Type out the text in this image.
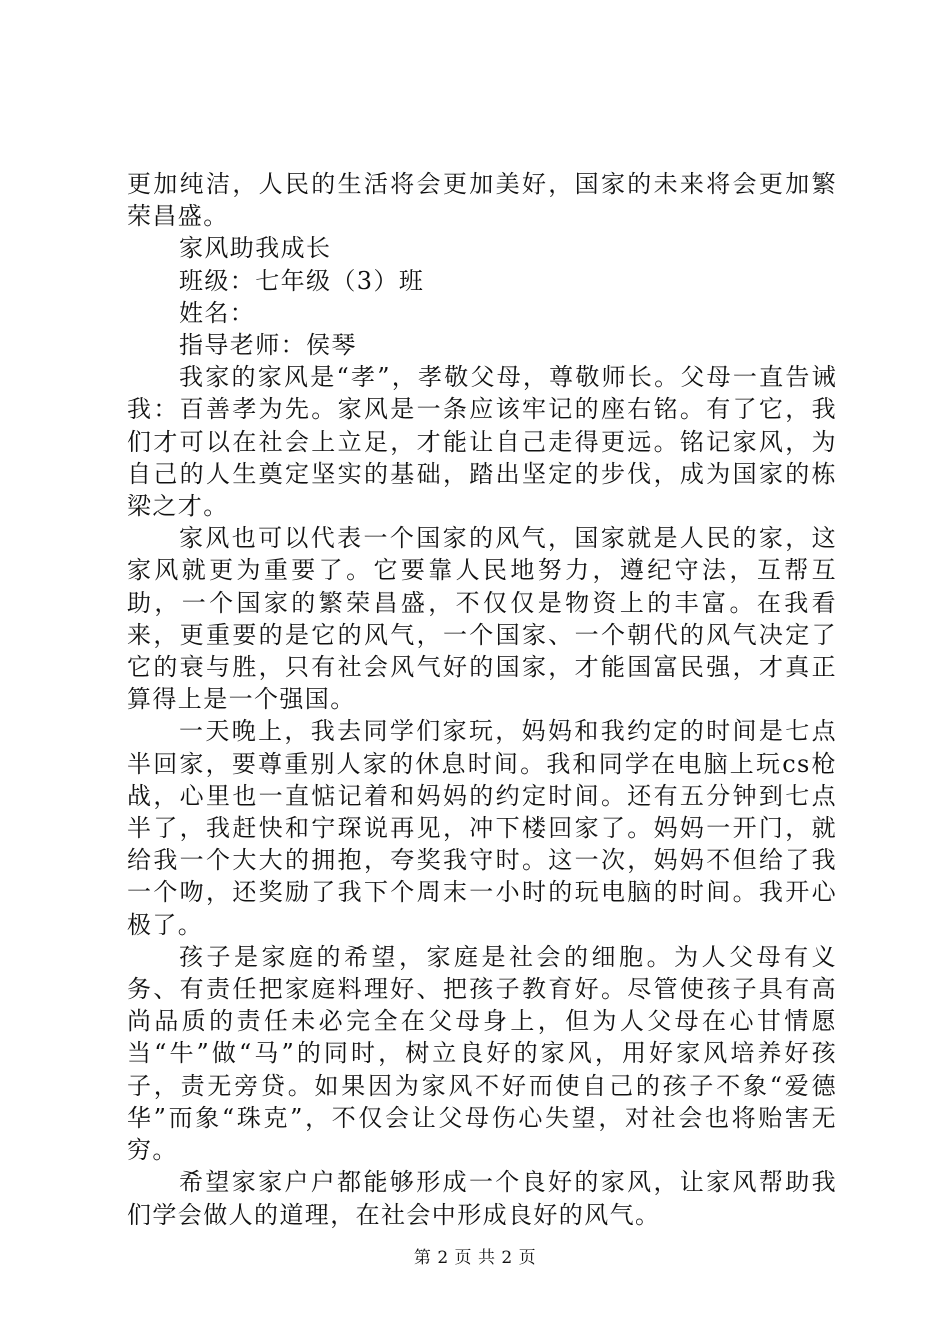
更加纯洁，人民的生活将会更加美好，国家的未来将会更加繁荣昌盛。

家风助我成长

班级：七年级（3）班

姓名：

指导老师：侯琴

我家的家风是“孝”，孝敬父母，尊敬师长。父母一直告诫我：百善孝为先。家风是一条应该牢记的座右铭。有了它，我们才可以在社会上立足，才能让自己走得更远。铭记家风，为自己的人生奠定坚实的基础，踏出坚定的步伐，成为国家的栋梁之才。

家风也可以代表一个国家的风气，国家就是人民的家，这家风就更为重要了。它要靠人民地努力，遵纪守法，互帮互助，一个国家的繁荣昌盛，不仅仅是物资上的丰富。在我看来，更重要的是它的风气，一个国家、一个朝代的风气决定了它的衰与胜，只有社会风气好的国家，才能国富民强，才真正算得上是一个强国。

一天晚上，我去同学们家玩，妈妈和我约定的时间是七点半回家，要尊重别人家的休息时间。我和同学在电脑上玩cs枪战，心里也一直惦记着和妈妈的约定时间。还有五分钟到七点半了，我赶快和宁琛说再见，冲下楼回家了。妈妈一开门，就给我一个大大的拥抱，夸奖我守时。这一次，妈妈不但给了我一个吻，还奖励了我下个周末一小时的玩电脑的时间。我开心极了。

孩子是家庭的希望，家庭是社会的细胞。为人父母有义务、有责任把家庭料理好、把孩子教育好。尽管使孩子具有高尚品质的责任未必完全在父母身上，但为人父母在心甘情愿当“牛”做“马”的同时，树立良好的家风，用好家风培养好孩子，责无旁贷。如果因为家风不好而使自己的孩子不象“爱德华”而象“珠克”，不仅会让父母伤心失望，对社会也将贻害无穷。

希望家家户户都能够形成一个良好的家风，让家风帮助我们学会做人的道理，在社会中形成良好的风气。

第 2 页 共 2 页
